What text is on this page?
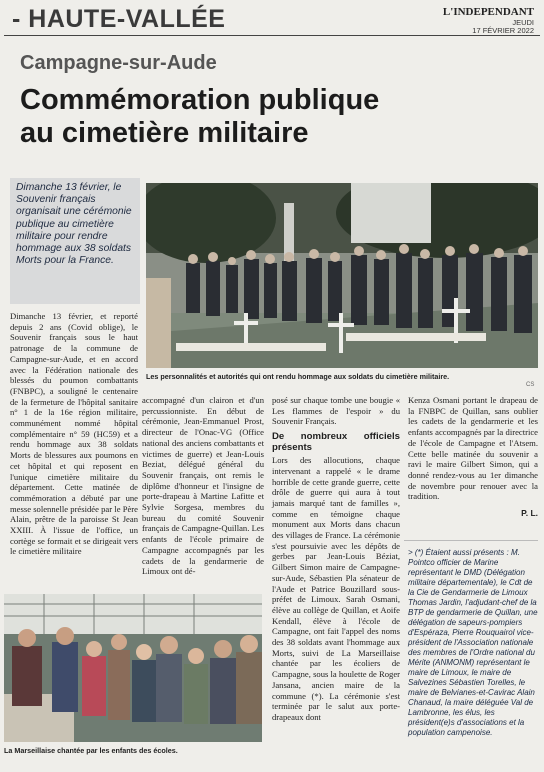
- HAUTE-VALLÉE	L'INDEPENDANT
JEUDI
17 FÉVRIER 2022
Campagne-sur-Aude
Commémoration publique
au cimetière militaire
Dimanche 13 février, le Souvenir français organisait une cérémonie publique au cimetière militaire pour rendre hommage aux 38 soldats Morts pour la France.
Les personnalités et autorités qui ont rendu hommage aux soldats du cimetière militaire.
CS
La Marseillaise chantée par les enfants des écoles.

Dimanche 13 février, et reporté depuis 2 ans (Covid oblige), le Souvenir français sous le haut patronage de la commune de Campagne-sur-Aude, et en accord avec la Fédération nationale des blessés du poumon combattants (FNBPC), a souligné le centenaire de la fermeture de l'hôpital sanitaire n° 1 de la 16e région militaire, communément nommé hôpital complémentaire n° 59 (HC59) et a rendu hommage aux 38 soldats Morts de blessures aux poumons en cet hôpital et qui reposent en l'unique cimetière militaire du département. Cette matinée de commémoration a débuté par une messe solennelle présidée par le Père Alain, prêtre de la paroisse St Jean XXIII. À l'issue de l'office, un cortège se formait et se dirigeait vers le cimetière militaire

accompagné d'un clairon et d'un percussionniste. En début de cérémonie, Jean-Emmanuel Prost, directeur de l'Onac-VG (Office national des anciens combattants et victimes de guerre) et Jean-Louis Beziat, délégué général du Souvenir français, ont remis le diplôme d'honneur et l'insigne de porte-drapeau à Martine Lafitte et Sylvie Sorgesa, membres du bureau du comité Souvenir français de Campagne-Quillan. Les enfants de l'école primaire de Campagne accompagnés par les cadets de la gendarmerie de Limoux ont dé-

posé sur chaque tombe une bougie « Les flammes de l'espoir » du Souvenir Français.

De nombreux officiels présents

Lors des allocutions, chaque intervenant a rappelé « le drame horrible de cette grande guerre, cette drôle de guerre qui aura à tout jamais marqué tant de familles », comme en témoigne chaque monument aux Morts dans chacun des villages de France. La cérémonie s'est poursuivie avec les dépôts de gerbes par Jean-Louis Béziat, Gilbert Simon maire de Campagne-sur-Aude, Sébastien Pla sénateur de l'Aude et Patrice Bouzillard sous-préfet de Limoux. Sarah Osmani, élève au collège de Quillan, et Aoife Kendall, élève à l'école de Campagne, ont fait l'appel des noms des 38 soldats avant l'hommage aux Morts, suivi de La Marseillaise chantée par les écoliers de Campagne, sous la houlette de Roger Jansana, ancien maire de la commune (*). La cérémonie s'est terminée par le salut aux porte-drapeaux dont

Kenza Osmani portant le drapeau de la FNBPC de Quillan, sans oublier les cadets de la gendarmerie et les enfants accompagnés par la directrice de l'école de Campagne et l'Atsem. Cette belle matinée du souvenir a ravi le maire Gilbert Simon, qui a donné rendez-vous au 1er dimanche de novembre pour renouer avec la tradition.

P. L.
> (*) Étaient aussi présents : M. Pointco officier de Marine représentant le DMD (Délégation militaire départementale), le Cdt de la Cie de Gendarmerie de Limoux Thomas Jardin, l'adjudant-chef de la BTP de gendarmerie de Quillan, une délégation de sapeurs-pompiers d'Espéraza, Pierre Rouquairol vice-président de l'Association nationale des membres de l'Ordre national du Mérite (ANMONM) représentant le maire de Limoux, le maire de Salvezines Sébastien Torelles, le maire de Belvianes-et-Cavirac Alain Chanaud, la maire déléguée Val de Lambronne, les élus, les président(e)s d'associations et la population campenoise.
